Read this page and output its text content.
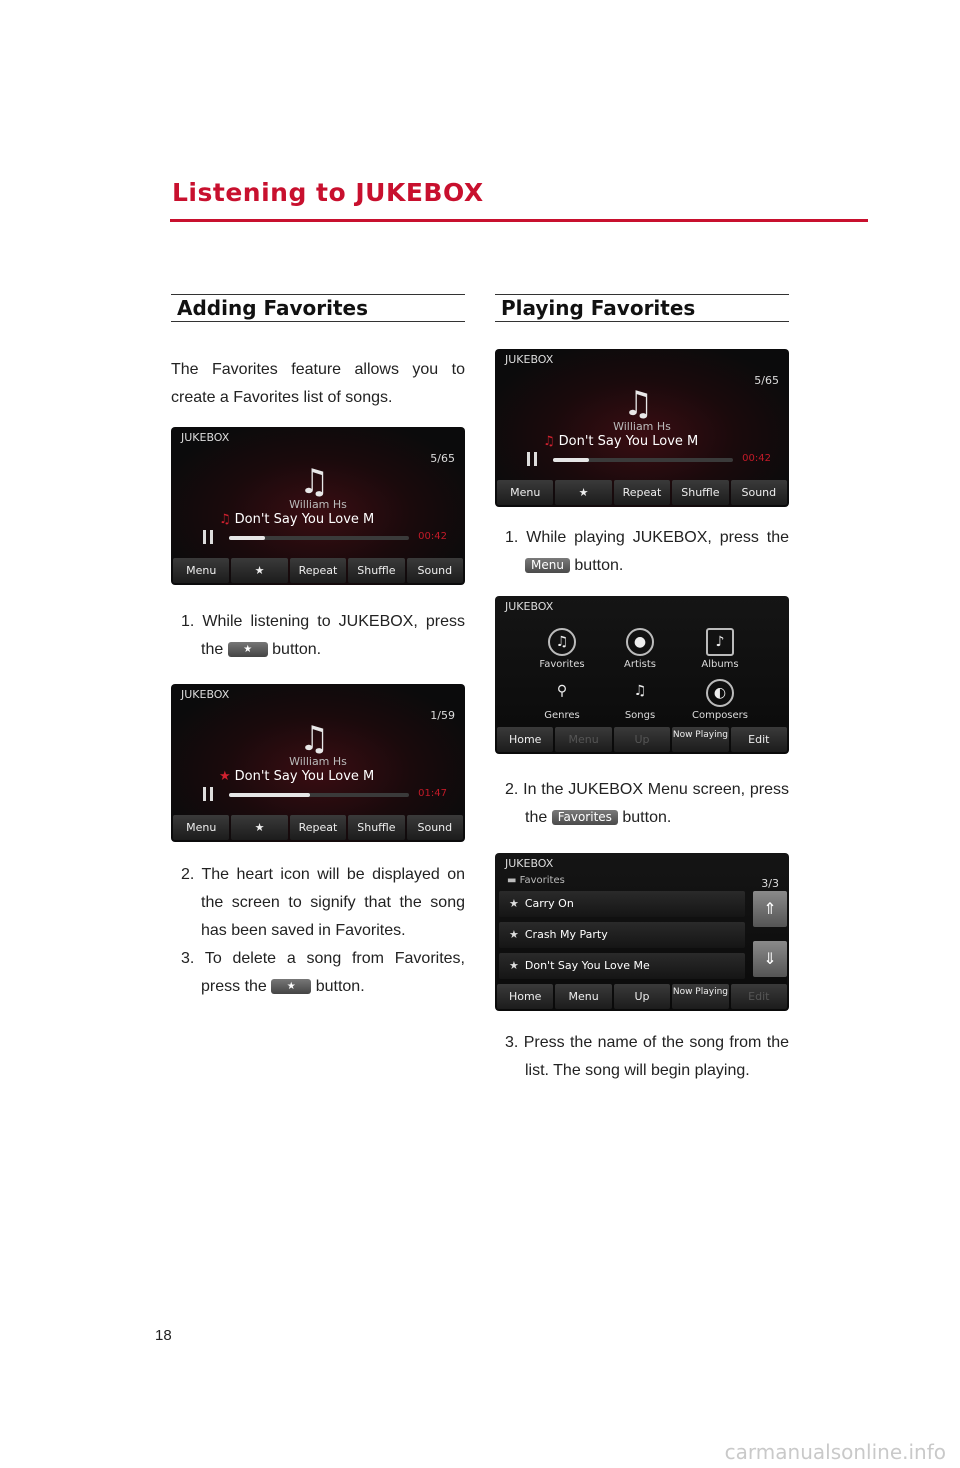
Listening to JUKEBOX
Adding Favorites
The Favorites feature allows you to create a Favorites list of songs.
JUKEBOX
5/65
♫
William Hs
♫ Don't Say You Love M
00:42
Menu	★	Repeat	Shuffle	Sound

1. While listening to JUKEBOX, press the ★ button.

JUKEBOX
1/59
♫
William Hs
★ Don't Say You Love M
01:47
Menu	★	Repeat	Shuffle	Sound

2. The heart icon will be displayed on the screen to signify that the song has been saved in Favorites.

3. To delete a song from Favorites, press the ★ button.

Playing Favorites
JUKEBOX
5/65
♫
William Hs
♫ Don't Say You Love M
00:42
Menu	★	Repeat	Shuffle	Sound

1. While playing JUKEBOX, press the Menu button.

JUKEBOX
♫
Favorites
●
Artists
♪
Albums
⚲
Genres
♫
Songs
◐
Composers
Home	Menu	Up	Now Playing	Edit

2. In the JUKEBOX Menu screen, press the Favorites button.

JUKEBOX
▬ Favorites	3/3
★ Carry On
★ Crash My Party
★ Don't Say You Love Me
⇑
⇓
Home	Menu	Up	Now Playing	Edit

3. Press the name of the song from the list. The song will begin playing.

18
carmanualsonline.info
